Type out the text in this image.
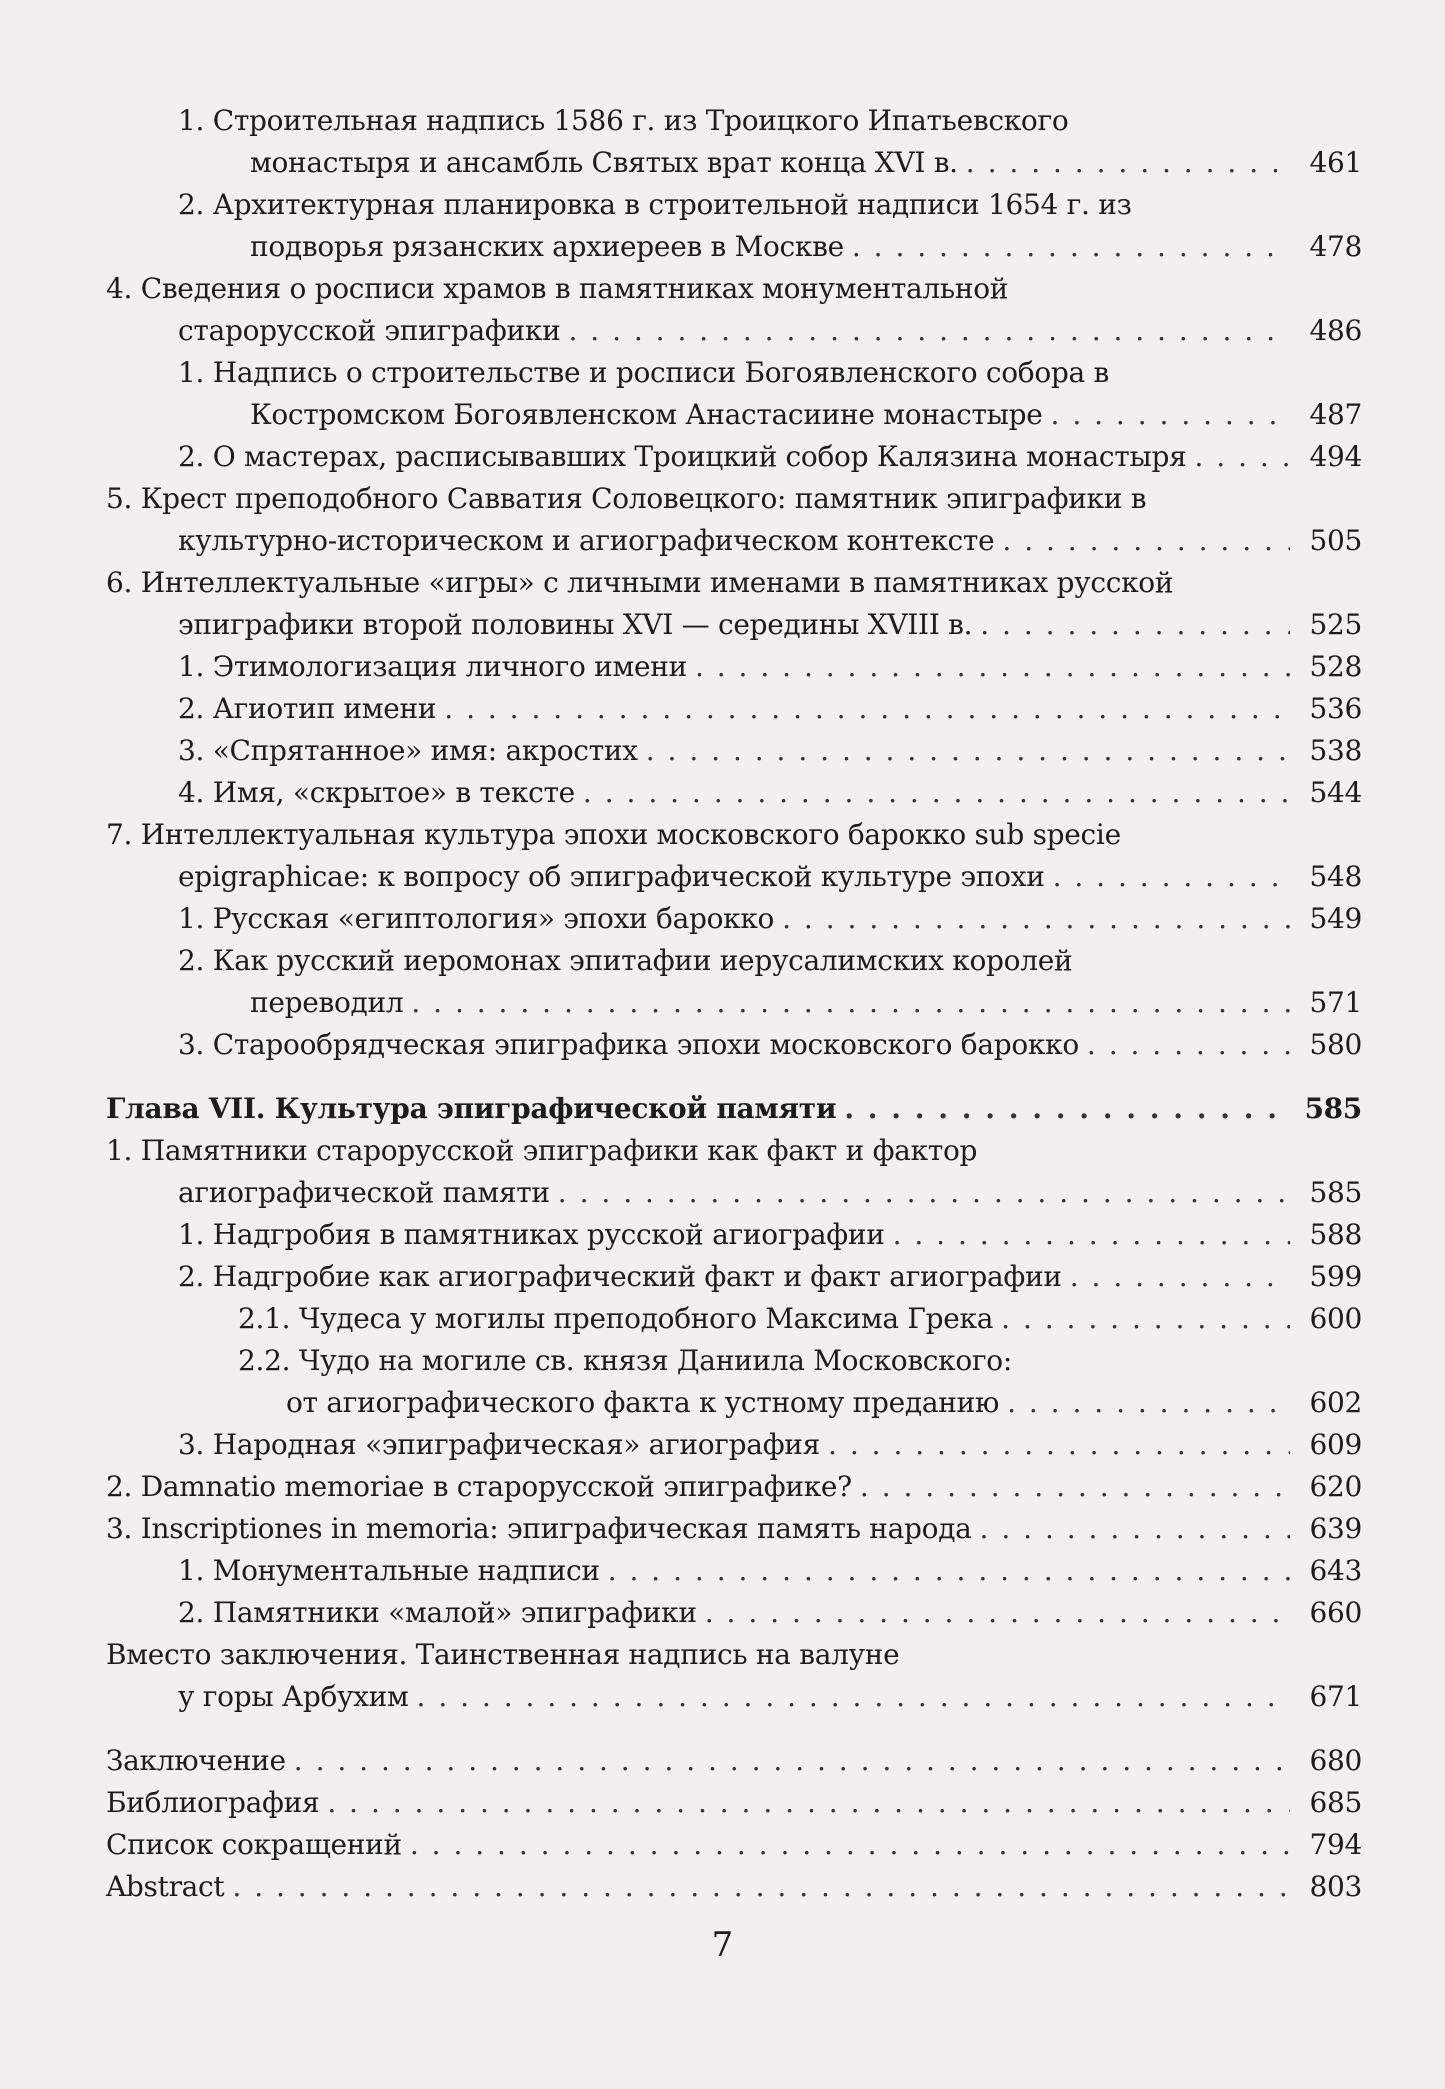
1. Строительная надпись 1586 г. из Троицкого Ипатьевского
монастыря и ансамбль Святых врат конца XVI в. . . .	461
2. Архитектурная планировка в строительной надписи 1654 г. из
подворья рязанских архиереев в Москве . . .	478
4. Сведения о росписи храмов в памятниках монументальной
старорусской эпиграфики . . .	486
1. Надпись о строительстве и росписи Богоявленского собора в
Костромском Богоявленском Анастасиине монастыре . . .	487
2. О мастерах, расписывавших Троицкий собор Калязина монастыря . . .	494
5. Крест преподобного Савватия Соловецкого: памятник эпиграфики в
культурно-историческом и агиографическом контексте . . .	505
6. Интеллектуальные «игры» с личными именами в памятниках русской
эпиграфики второй половины XVI — середины XVIII в. . . .	525
1. Этимологизация личного имени . . .	528
2. Агиотип имени . . .	536
3. «Спрятанное» имя: акростих . . .	538
4. Имя, «скрытое» в тексте . . .	544
7. Интеллектуальная культура эпохи московского барокко sub specie
epigraphicae: к вопросу об эпиграфической культуре эпохи . . .	548
1. Русская «египтология» эпохи барокко . . .	549
2. Как русский иеромонах эпитафии иерусалимских королей
переводил . . .	571
3. Старообрядческая эпиграфика эпохи московского барокко . . .	580
Глава VII. Культура эпиграфической памяти . . .	585
1. Памятники старорусской эпиграфики как факт и фактор
агиографической памяти . . .	585
1. Надгробия в памятниках русской агиографии . . .	588
2. Надгробие как агиографический факт и факт агиографии . . .	599
2.1. Чудеса у могилы преподобного Максима Грека . . .	600
2.2. Чудо на могиле св. князя Даниила Московского:
от агиографического факта к устному преданию . . .	602
3. Народная «эпиграфическая» агиография . . .	609
2. Damnatio memoriae в старорусской эпиграфике? . . .	620
3. Inscriptiones in memoria: эпиграфическая память народа . . .	639
1. Монументальные надписи . . .	643
2. Памятники «малой» эпиграфики . . .	660
Вместо заключения. Таинственная надпись на валуне
у горы Арбухим . . .	671
Заключение . . .	680
Библиография . . .	685
Список сокращений . . .	794
Abstract . . .	803
7
